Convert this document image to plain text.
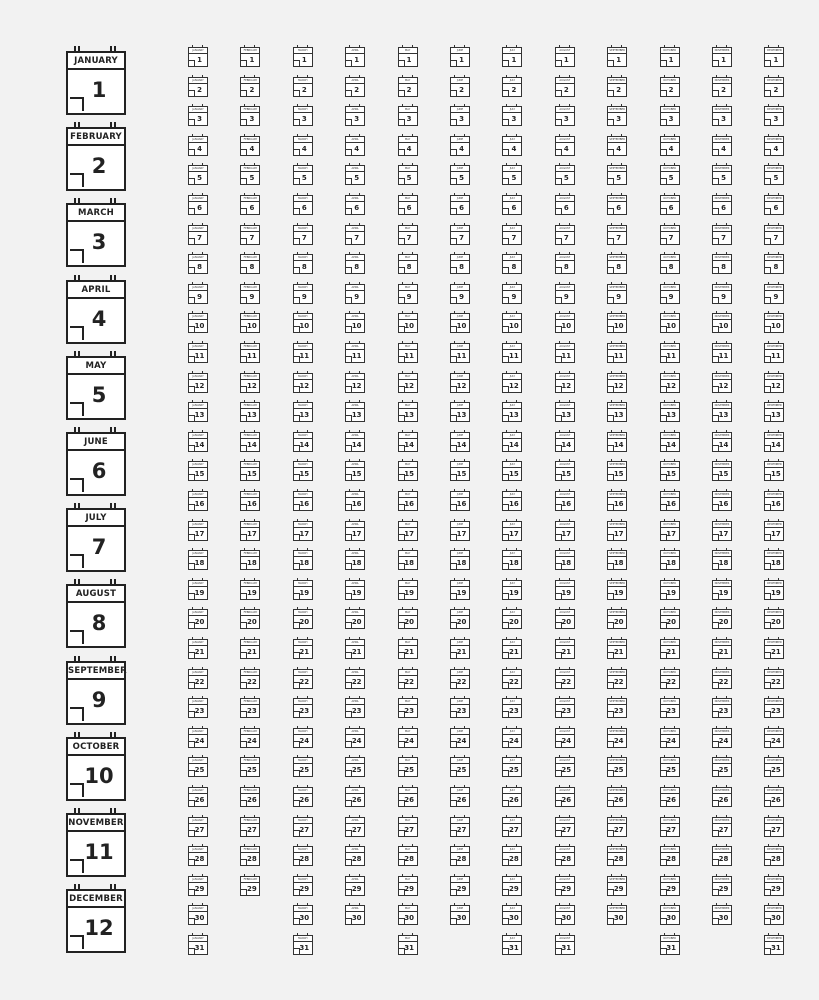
JANUARY
1
FEBRUARY
2
MARCH
3
APRIL
4
MAY
5
JUNE
6
JULY
7
AUGUST
8
SEPTEMBER
9
OCTOBER
10
NOVEMBER
11
DECEMBER
12
JANUARY
1
JANUARY
2
JANUARY
3
JANUARY
4
JANUARY
5
JANUARY
6
JANUARY
7
JANUARY
8
JANUARY
9
JANUARY
10
JANUARY
11
JANUARY
12
JANUARY
13
JANUARY
14
JANUARY
15
JANUARY
16
JANUARY
17
JANUARY
18
JANUARY
19
JANUARY
20
JANUARY
21
JANUARY
22
JANUARY
23
JANUARY
24
JANUARY
25
JANUARY
26
JANUARY
27
JANUARY
28
JANUARY
29
JANUARY
30
JANUARY
31
FEBRUARY
1
FEBRUARY
2
FEBRUARY
3
FEBRUARY
4
FEBRUARY
5
FEBRUARY
6
FEBRUARY
7
FEBRUARY
8
FEBRUARY
9
FEBRUARY
10
FEBRUARY
11
FEBRUARY
12
FEBRUARY
13
FEBRUARY
14
FEBRUARY
15
FEBRUARY
16
FEBRUARY
17
FEBRUARY
18
FEBRUARY
19
FEBRUARY
20
FEBRUARY
21
FEBRUARY
22
FEBRUARY
23
FEBRUARY
24
FEBRUARY
25
FEBRUARY
26
FEBRUARY
27
FEBRUARY
28
FEBRUARY
29
MARCH
1
MARCH
2
MARCH
3
MARCH
4
MARCH
5
MARCH
6
MARCH
7
MARCH
8
MARCH
9
MARCH
10
MARCH
11
MARCH
12
MARCH
13
MARCH
14
MARCH
15
MARCH
16
MARCH
17
MARCH
18
MARCH
19
MARCH
20
MARCH
21
MARCH
22
MARCH
23
MARCH
24
MARCH
25
MARCH
26
MARCH
27
MARCH
28
MARCH
29
MARCH
30
MARCH
31
APRIL
1
APRIL
2
APRIL
3
APRIL
4
APRIL
5
APRIL
6
APRIL
7
APRIL
8
APRIL
9
APRIL
10
APRIL
11
APRIL
12
APRIL
13
APRIL
14
APRIL
15
APRIL
16
APRIL
17
APRIL
18
APRIL
19
APRIL
20
APRIL
21
APRIL
22
APRIL
23
APRIL
24
APRIL
25
APRIL
26
APRIL
27
APRIL
28
APRIL
29
APRIL
30
MAY
1
MAY
2
MAY
3
MAY
4
MAY
5
MAY
6
MAY
7
MAY
8
MAY
9
MAY
10
MAY
11
MAY
12
MAY
13
MAY
14
MAY
15
MAY
16
MAY
17
MAY
18
MAY
19
MAY
20
MAY
21
MAY
22
MAY
23
MAY
24
MAY
25
MAY
26
MAY
27
MAY
28
MAY
29
MAY
30
MAY
31
JUNE
1
JUNE
2
JUNE
3
JUNE
4
JUNE
5
JUNE
6
JUNE
7
JUNE
8
JUNE
9
JUNE
10
JUNE
11
JUNE
12
JUNE
13
JUNE
14
JUNE
15
JUNE
16
JUNE
17
JUNE
18
JUNE
19
JUNE
20
JUNE
21
JUNE
22
JUNE
23
JUNE
24
JUNE
25
JUNE
26
JUNE
27
JUNE
28
JUNE
29
JUNE
30
JULY
1
JULY
2
JULY
3
JULY
4
JULY
5
JULY
6
JULY
7
JULY
8
JULY
9
JULY
10
JULY
11
JULY
12
JULY
13
JULY
14
JULY
15
JULY
16
JULY
17
JULY
18
JULY
19
JULY
20
JULY
21
JULY
22
JULY
23
JULY
24
JULY
25
JULY
26
JULY
27
JULY
28
JULY
29
JULY
30
JULY
31
AUGUST
1
AUGUST
2
AUGUST
3
AUGUST
4
AUGUST
5
AUGUST
6
AUGUST
7
AUGUST
8
AUGUST
9
AUGUST
10
AUGUST
11
AUGUST
12
AUGUST
13
AUGUST
14
AUGUST
15
AUGUST
16
AUGUST
17
AUGUST
18
AUGUST
19
AUGUST
20
AUGUST
21
AUGUST
22
AUGUST
23
AUGUST
24
AUGUST
25
AUGUST
26
AUGUST
27
AUGUST
28
AUGUST
29
AUGUST
30
AUGUST
31
SEPTEMBER
1
SEPTEMBER
2
SEPTEMBER
3
SEPTEMBER
4
SEPTEMBER
5
SEPTEMBER
6
SEPTEMBER
7
SEPTEMBER
8
SEPTEMBER
9
SEPTEMBER
10
SEPTEMBER
11
SEPTEMBER
12
SEPTEMBER
13
SEPTEMBER
14
SEPTEMBER
15
SEPTEMBER
16
SEPTEMBER
17
SEPTEMBER
18
SEPTEMBER
19
SEPTEMBER
20
SEPTEMBER
21
SEPTEMBER
22
SEPTEMBER
23
SEPTEMBER
24
SEPTEMBER
25
SEPTEMBER
26
SEPTEMBER
27
SEPTEMBER
28
SEPTEMBER
29
SEPTEMBER
30
OCTOBER
1
OCTOBER
2
OCTOBER
3
OCTOBER
4
OCTOBER
5
OCTOBER
6
OCTOBER
7
OCTOBER
8
OCTOBER
9
OCTOBER
10
OCTOBER
11
OCTOBER
12
OCTOBER
13
OCTOBER
14
OCTOBER
15
OCTOBER
16
OCTOBER
17
OCTOBER
18
OCTOBER
19
OCTOBER
20
OCTOBER
21
OCTOBER
22
OCTOBER
23
OCTOBER
24
OCTOBER
25
OCTOBER
26
OCTOBER
27
OCTOBER
28
OCTOBER
29
OCTOBER
30
OCTOBER
31
NOVEMBER
1
NOVEMBER
2
NOVEMBER
3
NOVEMBER
4
NOVEMBER
5
NOVEMBER
6
NOVEMBER
7
NOVEMBER
8
NOVEMBER
9
NOVEMBER
10
NOVEMBER
11
NOVEMBER
12
NOVEMBER
13
NOVEMBER
14
NOVEMBER
15
NOVEMBER
16
NOVEMBER
17
NOVEMBER
18
NOVEMBER
19
NOVEMBER
20
NOVEMBER
21
NOVEMBER
22
NOVEMBER
23
NOVEMBER
24
NOVEMBER
25
NOVEMBER
26
NOVEMBER
27
NOVEMBER
28
NOVEMBER
29
NOVEMBER
30
DECEMBER
1
DECEMBER
2
DECEMBER
3
DECEMBER
4
DECEMBER
5
DECEMBER
6
DECEMBER
7
DECEMBER
8
DECEMBER
9
DECEMBER
10
DECEMBER
11
DECEMBER
12
DECEMBER
13
DECEMBER
14
DECEMBER
15
DECEMBER
16
DECEMBER
17
DECEMBER
18
DECEMBER
19
DECEMBER
20
DECEMBER
21
DECEMBER
22
DECEMBER
23
DECEMBER
24
DECEMBER
25
DECEMBER
26
DECEMBER
27
DECEMBER
28
DECEMBER
29
DECEMBER
30
DECEMBER
31
